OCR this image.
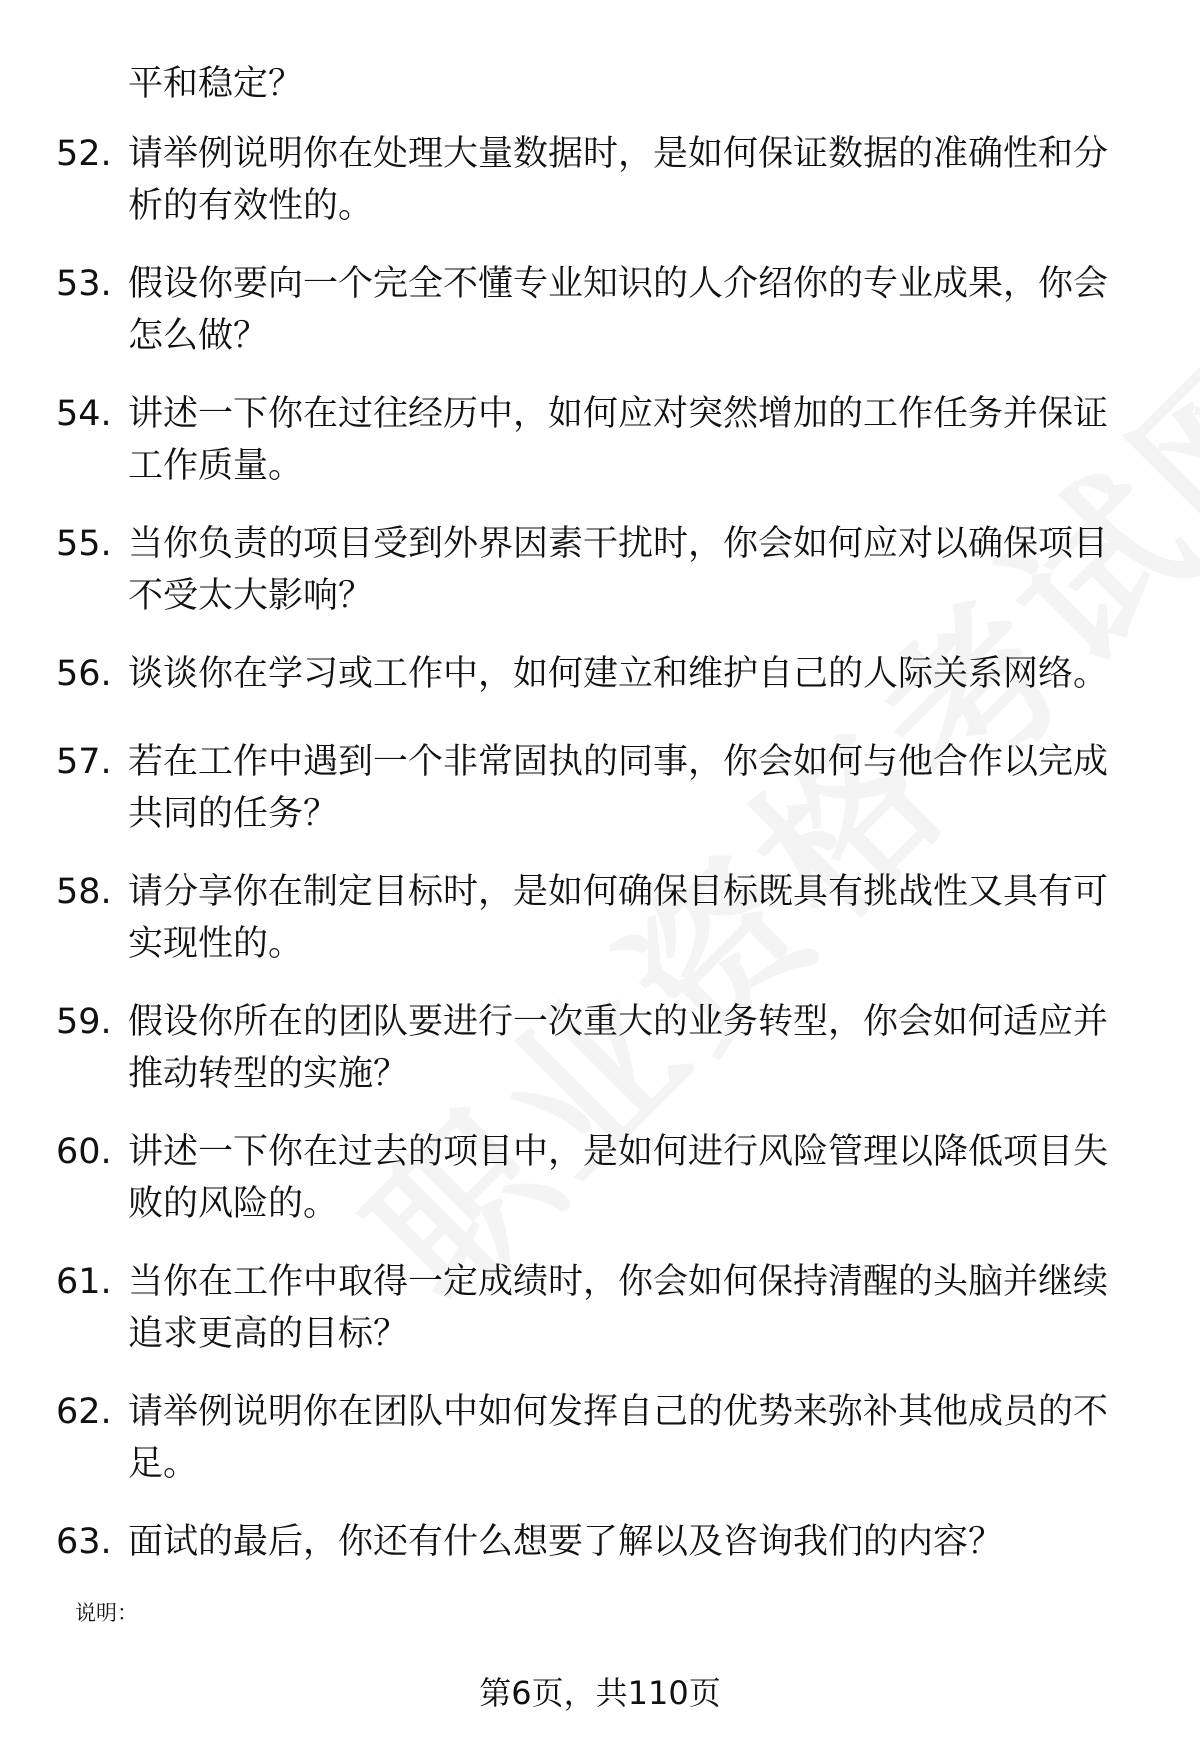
平和稳定？
52. 请举例说明你在处理大量数据时，是如何保证数据的准确性和分析的有效性的。
53. 假设你要向一个完全不懂专业知识的人介绍你的专业成果，你会怎么做？
54. 讲述一下你在过往经历中，如何应对突然增加的工作任务并保证工作质量。
55. 当你负责的项目受到外界因素干扰时，你会如何应对以确保项目不受太大影响？
56. 谈谈你在学习或工作中，如何建立和维护自己的人际关系网络。
57. 若在工作中遇到一个非常固执的同事，你会如何与他合作以完成共同的任务？
58. 请分享你在制定目标时，是如何确保目标既具有挑战性又具有可实现性的。
59. 假设你所在的团队要进行一次重大的业务转型，你会如何适应并推动转型的实施？
60. 讲述一下你在过去的项目中，是如何进行风险管理以降低项目失败的风险的。
61. 当你在工作中取得一定成绩时，你会如何保持清醒的头脑并继续追求更高的目标？
62. 请举例说明你在团队中如何发挥自己的优势来弥补其他成员的不足。
63. 面试的最后，你还有什么想要了解以及咨询我们的内容？
说明：
第6页，共110页
